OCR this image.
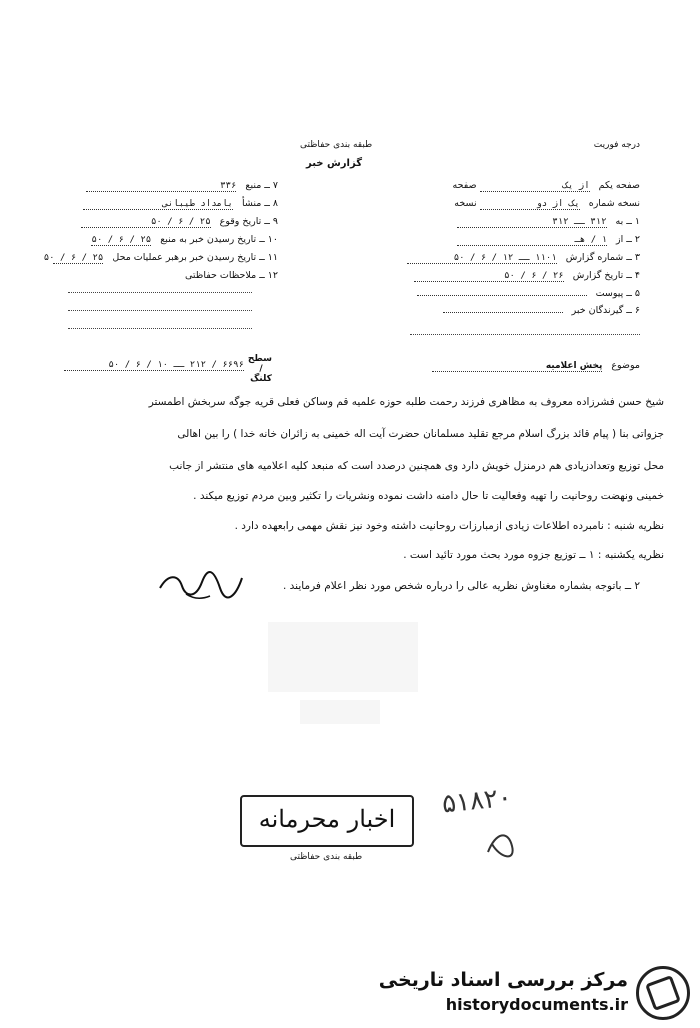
درجه فوریت
طبقه بندی حفاظتی
گزارش خبر
صفحه یکم از یک صفحه
نسخه شماره یک از دو نسخه
۱ ــ به ۳۱۲ ــ ۳۱۲
۲ ــ از ۱ / هـ
۳ ــ شماره گزارش ۱۱۰۱ ــ ۱۲ / ۶ / ۵۰
۴ ــ تاریخ گزارش ۲۶ / ۶ / ۵۰
۵ ــ پیوست
۶ ــ گیرندگان خبر
۷ ــ منبع ۳۳۶
۸ ــ منشأ بامداد طیبانی
۹ ــ تاریخ وقوع ۲۵ / ۶ / ۵۰
۱۰ ــ تاریخ رسیدن خبر به منبع ۲۵ / ۶ / ۵۰
۱۱ ــ تاریخ رسیدن خبر برهبر عملیات محل ۲۵ / ۶ / ۵۰
۱۲ ــ ملاحظات حفاظتی
موضوع پخش اعلامیه
سطح / کلنگ
۶۶۹۶ / ۲۱۲ ــ ۱۰ / ۶ / ۵۰
شیخ حسن فشرزاده معروف به مظاهری فرزند رحمت طلبه حوزه علمیه قم وساکن فعلی قریه جوگه سربخش اطمستر
جزواتی بنا ( پیام قائد بزرگ اسلام مرجع تقلید مسلمانان حضرت آیت اله خمینی به زائران خانه خدا ) را بین اهالی
محل توزیع وتعدادزیادی هم درمنزل خویش دارد وی همچنین درصدد است که منبعد کلیه اعلامیه های منتشر از جانب
خمینی ونهضت روحانیت را تهیه وفعالیت تا حال دامنه داشت نموده ونشریات را تکثیر وبین مردم توزیع میکند .
نظریه شنبه : نامبرده اطلاعات زیادی ازمبارزات روحانیت داشته وخود نیز نقش مهمی رابعهده دارد .
نظریه یکشنبه : ۱ ــ توزیع جزوه مورد بحث مورد تائید است .
۲ ــ باتوجه بشماره مغناوش نظریه عالی را درباره شخص مورد نظر اعلام فرمایند .
۵۱۸۲۰
اخبار محرمانه
طبقه بندی حفاظتی
مرکز بررسی اسناد تاریخی
historydocuments.ir
